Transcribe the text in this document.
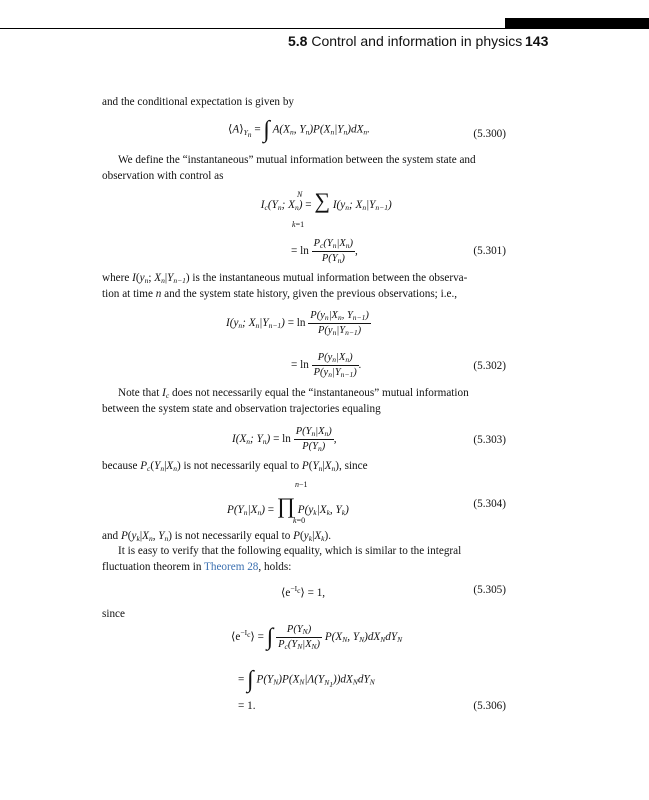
5.8 Control and information in physics 143
and the conditional expectation is given by
$⟨A⟩_{Y_n}$ = ∫ $A(X_n$, $Y_n)P(X_n|Y_n)dX_n$.	(5.300)
We define the “instantaneous” mutual information between the system state and
observation with control as

N
$I_c(Y_n$; $X_n$) = ∑ $I(y_n$; $X_n|Y_{n-1}$)
k=1
= $\ln \frac{P_c(Y_n|X_n)}{P(Y_n)}$ ,	(5.301)
where $I(y_n$; $X_n|Y_{n-1}$) is the instantaneous mutual information between the observa-
tion at time n and the system state history, given the previous observations; i.e.,
$I(y_n$; $X_n|Y_{n-1}) = \ln \frac{P(y_n|X_n, Y_{n-1})}{P(y_n|Y_{n-1})}$
= $\ln \frac{P(y_n|X_n)}{P(y_n|Y_{n-1})}$ .	(5.302)
Note that $I_c$ does not necessarily equal the “instantaneous” mutual information
between the system state and observation trajectories equaling
$I(X_n$; $Y_n) = \ln \frac{P(Y_n|X_n)}{P(Y_n)}$ ,	(5.303)
because $P_c(Y_n|X_n)$ is not necessarily equal to $P(Y_n|X_n)$, since
n−1

$P(Y_n|X_n)$ = ∏ $P(y_k|X_k$, $Y_k$)
k=0
(5.304)
and $P(y_k|X_n$, $Y_n$) is not necessarily equal to $P(y_k|X_k)$.
It is easy to verify that the following equality, which is similar to the integral
fluctuation theorem in Theorem 28, holds:
$⟨e^{-I_c}⟩ = 1$,	(5.305)
since
$⟨e^{-I_c}⟩$ = ∫ $\frac{P(Y_N)}{P_c(Y_N|X_N)} P(X_N$, $Y_N)dX_NdY_N$
= ∫ $P(Y_N)P(X_N|\Lambda(Y_{N_1}))dX_NdY_N$
= 1.	(5.306)
